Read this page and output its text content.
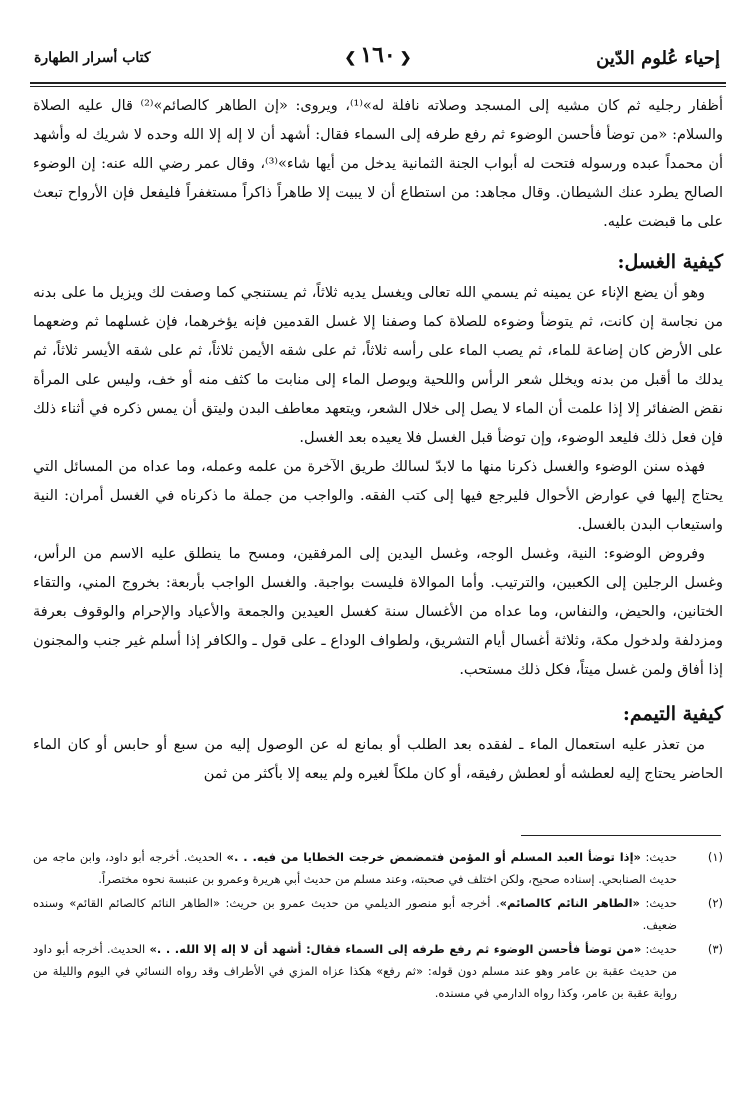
إحياء عُلوم الدّين
❮١٦٠❯
كتاب أسرار الطهارة

أظفار رجليه ثم كان مشيه إلى المسجد وصلاته نافلة له»⁽¹⁾، ويروى: «إن الطاهر كالصائم»⁽²⁾ قال عليه الصلاة والسلام: «من توضأ فأحسن الوضوء ثم رفع طرفه إلى السماء فقال: أشهد أن لا إله إلا الله وحده لا شريك له وأشهد أن محمداً عبده ورسوله فتحت له أبواب الجنة الثمانية يدخل من أيها شاء»⁽³⁾، وقال عمر رضي الله عنه: إن الوضوء الصالح يطرد عنك الشيطان. وقال مجاهد: من استطاع أن لا يبيت إلا طاهراً ذاكراً مستغفراً فليفعل فإن الأرواح تبعث على ما قبضت عليه.

كيفية الغسل:

وهو أن يضع الإناء عن يمينه ثم يسمي الله تعالى ويغسل يديه ثلاثاً، ثم يستنجي كما وصفت لك ويزيل ما على بدنه من نجاسة إن كانت، ثم يتوضأ وضوءه للصلاة كما وصفنا إلا غسل القدمين فإنه يؤخرهما، فإن غسلهما ثم وضعهما على الأرض كان إضاعة للماء، ثم يصب الماء على رأسه ثلاثاً، ثم على شقه الأيمن ثلاثاً، ثم على شقه الأيسر ثلاثاً، ثم يدلك ما أقبل من بدنه ويخلل شعر الرأس واللحية ويوصل الماء إلى منابت ما كثف منه أو خف، وليس على المرأة نقض الضفائر إلا إذا علمت أن الماء لا يصل إلى خلال الشعر، ويتعهد معاطف البدن وليتق أن يمس ذكره في أثناء ذلك فإن فعل ذلك فليعد الوضوء، وإن توضأ قبل الغسل فلا يعيده بعد الغسل.

فهذه سنن الوضوء والغسل ذكرنا منها ما لابدّ لسالك طريق الآخرة من علمه وعمله، وما عداه من المسائل التي يحتاج إليها في عوارض الأحوال فليرجع فيها إلى كتب الفقه. والواجب من جملة ما ذكرناه في الغسل أمران: النية واستيعاب البدن بالغسل.

وفروض الوضوء: النية، وغسل الوجه، وغسل اليدين إلى المرفقين، ومسح ما ينطلق عليه الاسم من الرأس، وغسل الرجلين إلى الكعبين، والترتيب. وأما الموالاة فليست بواجبة. والغسل الواجب بأربعة: بخروج المني، والتقاء الختانين، والحيض، والنفاس، وما عداه من الأغسال سنة كغسل العيدين والجمعة والأعياد والإحرام والوقوف بعرفة ومزدلفة ولدخول مكة، وثلاثة أغسال أيام التشريق، ولطواف الوداع ـ على قول ـ والكافر إذا أسلم غير جنب والمجنون إذا أفاق ولمن غسل ميتاً، فكل ذلك مستحب.

كيفية التيمم:

من تعذر عليه استعمال الماء ـ لفقده بعد الطلب أو بمانع له عن الوصول إليه من سبع أو حابس أو كان الماء الحاضر يحتاج إليه لعطشه أو لعطش رفيقه، أو كان ملكاً لغيره ولم يبعه إلا بأكثر من ثمن

(١)
حديث: «إذا توضأ العبد المسلم أو المؤمن فتمضمض خرجت الخطايا من فيه. . .» الحديث. أخرجه أبو داود، وابن ماجه من حديث الصنابحي. إسناده صحيح، ولكن اختلف في صحبته، وعند مسلم من حديث أبي هريرة وعمرو بن عنبسة نحوه مختصراً.
(٢)
حديث: «الطاهر النائم كالصائم». أخرجه أبو منصور الديلمي من حديث عمرو بن حريث: «الطاهر النائم كالصائم القائم» وسنده ضعيف.
(٣)
حديث: «من توضأ فأحسن الوضوء ثم رفع طرفه إلى السماء فقال: أشهد أن لا إله إلا الله. . .» الحديث. أخرجه أبو داود من حديث عقبة بن عامر وهو عند مسلم دون قوله: «ثم رفع» هكذا عزاه المزي في الأطراف وقد رواه النسائي في اليوم والليلة من رواية عقبة بن عامر، وكذا رواه الدارمي في مسنده.
